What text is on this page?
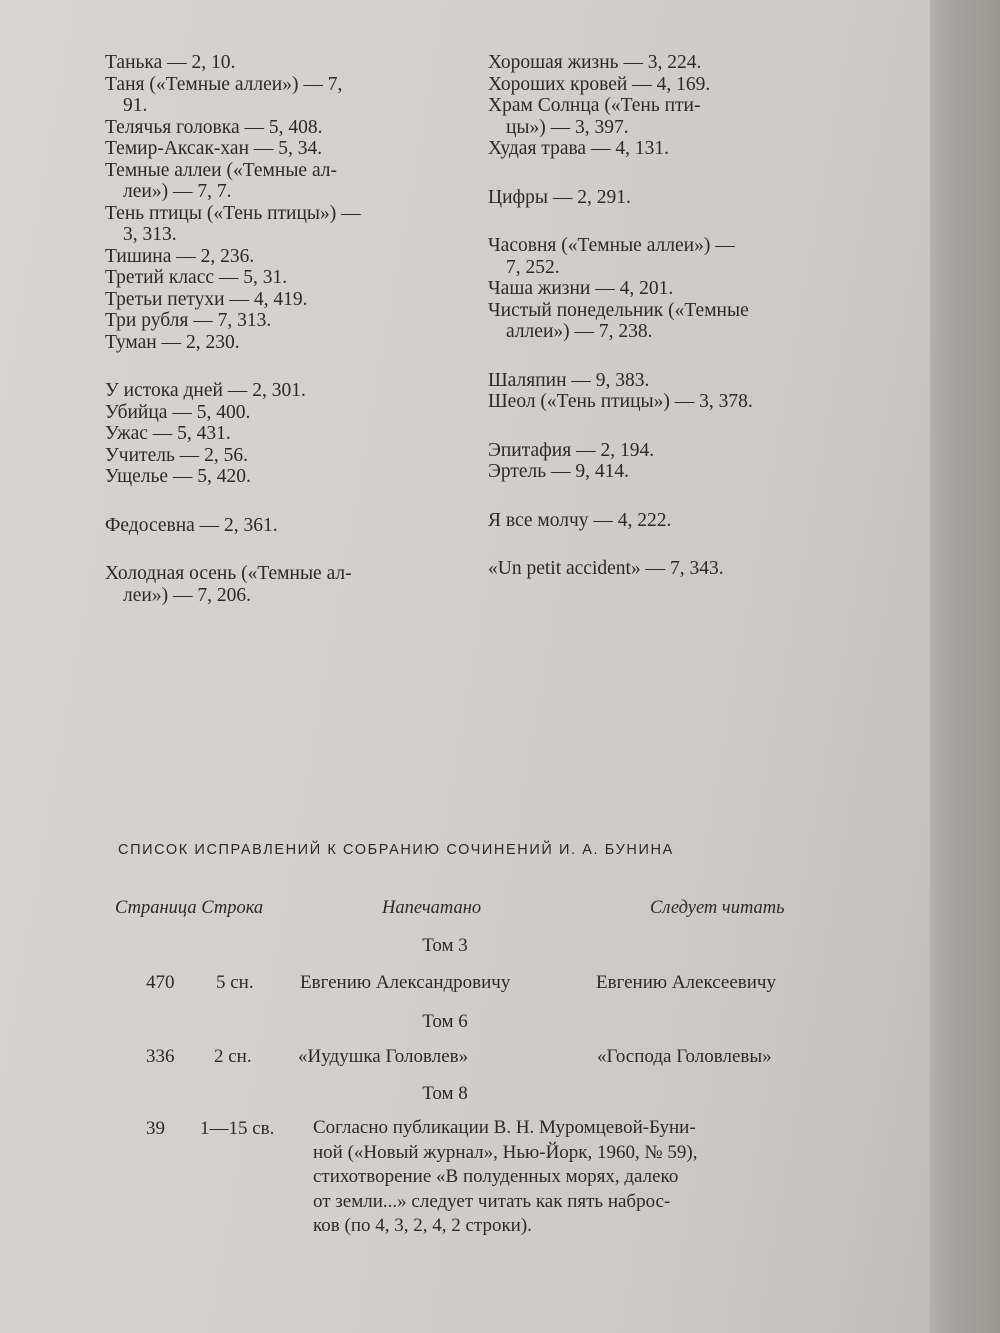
Танька — 2, 10.
Таня («Темные аллеи») — 7,
91.
Телячья головка — 5, 408.
Темир-Аксак-хан — 5, 34.
Темные аллеи («Темные ал-
леи») — 7, 7.
Тень птицы («Тень птицы») —
3, 313.
Тишина — 2, 236.
Третий класс — 5, 31.
Третьи петухи — 4, 419.
Три рубля — 7, 313.
Туман — 2, 230.
У истока дней — 2, 301.
Убийца — 5, 400.
Ужас — 5, 431.
Учитель — 2, 56.
Ущелье — 5, 420.
Федосевна — 2, 361.
Холодная осень («Темные ал-
леи») — 7, 206.
Хорошая жизнь — 3, 224.
Хороших кровей — 4, 169.
Храм Солнца («Тень пти-
цы») — 3, 397.
Худая трава — 4, 131.
Цифры — 2, 291.
Часовня («Темные аллеи») —
7, 252.
Чаша жизни — 4, 201.
Чистый понедельник («Темные
аллеи») — 7, 238.
Шаляпин — 9, 383.
Шеол («Тень птицы») — 3, 378.
Эпитафия — 2, 194.
Эртель — 9, 414.
Я все молчу — 4, 222.
«Un petit accident» — 7, 343.
СПИСОК ИСПРАВЛЕНИЙ К СОБРАНИЮ СОЧИНЕНИЙ И. А. БУНИНА
Страница Строка	Напечатано	Следует читать
Том 3
470 5 сн. Евгению Александровичу	Евгению Алексеевичу
Том 6
336 2 сн. «Иудушка Головлев»	«Господа Головлевы»
Том 8
39 1—15 св. Согласно публикации В. Н. Муромцевой-Буни-
ной («Новый журнал», Нью-Йорк, 1960, № 59),
стихотворение «В полуденных морях, далеко
от земли...» следует читать как пять наброс-
ков (по 4, 3, 2, 4, 2 строки).
